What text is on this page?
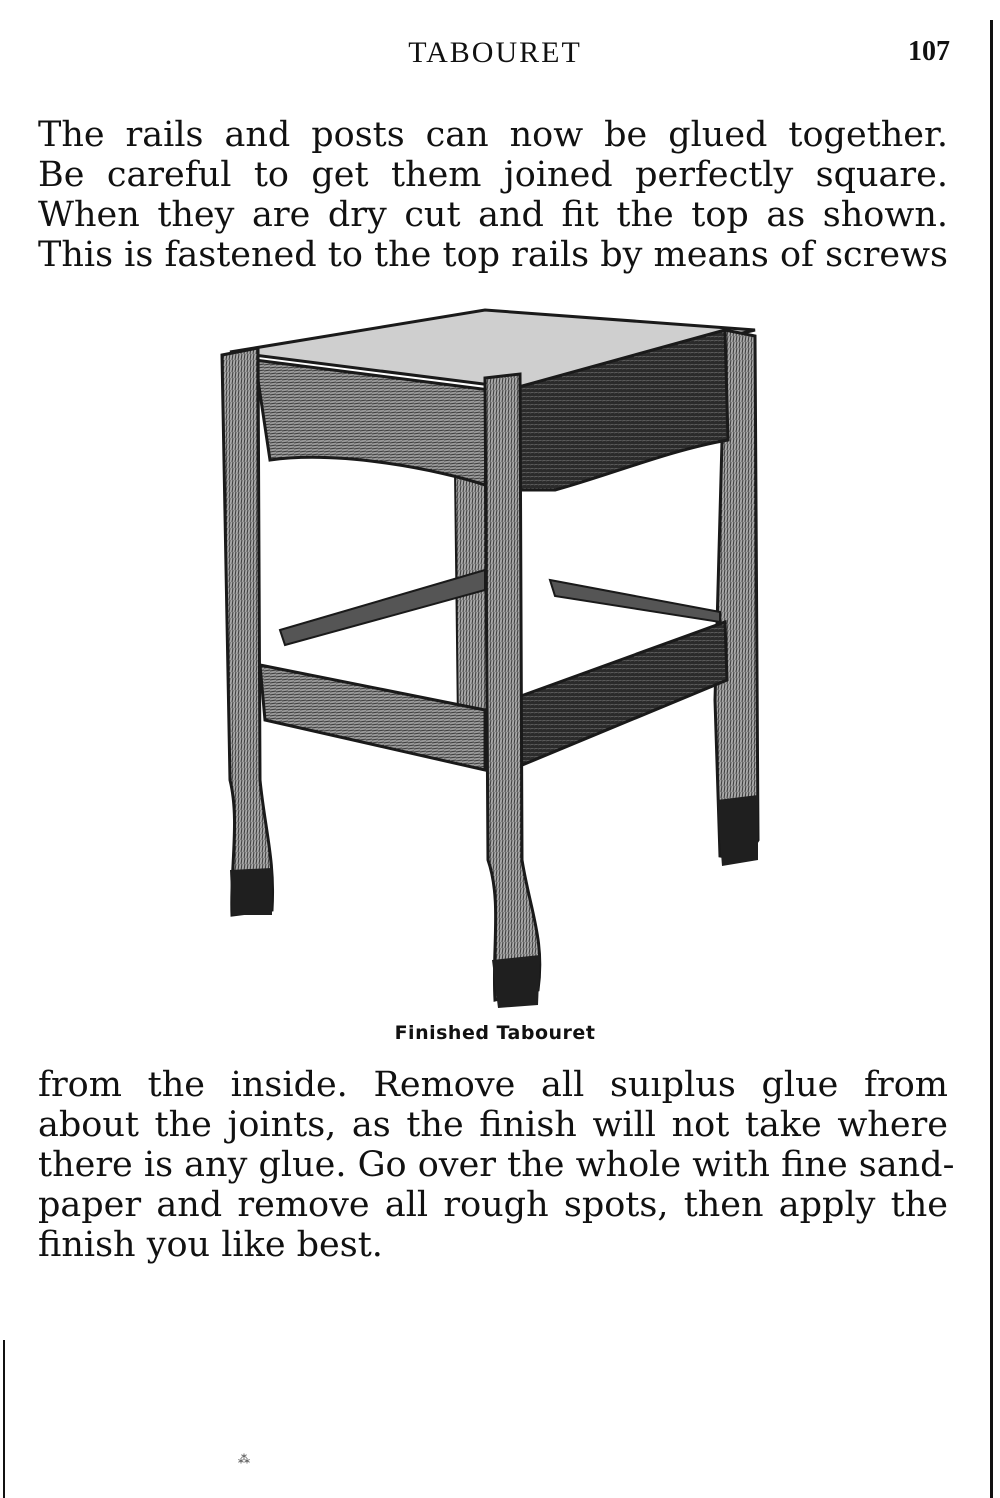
TABOURET	107
The rails and posts can now be glued together.
Be careful to get them joined perfectly square.
When they are dry cut and fit the top as shown.
This is fastened to the top rails by means of screws
Finished Tabouret
from the inside. Remove all suıplus glue from
about the joints, as the finish will not take where
there is any glue. Go over the whole with fine sand-
paper and remove all rough spots, then apply the
finish you like best.
⁂
